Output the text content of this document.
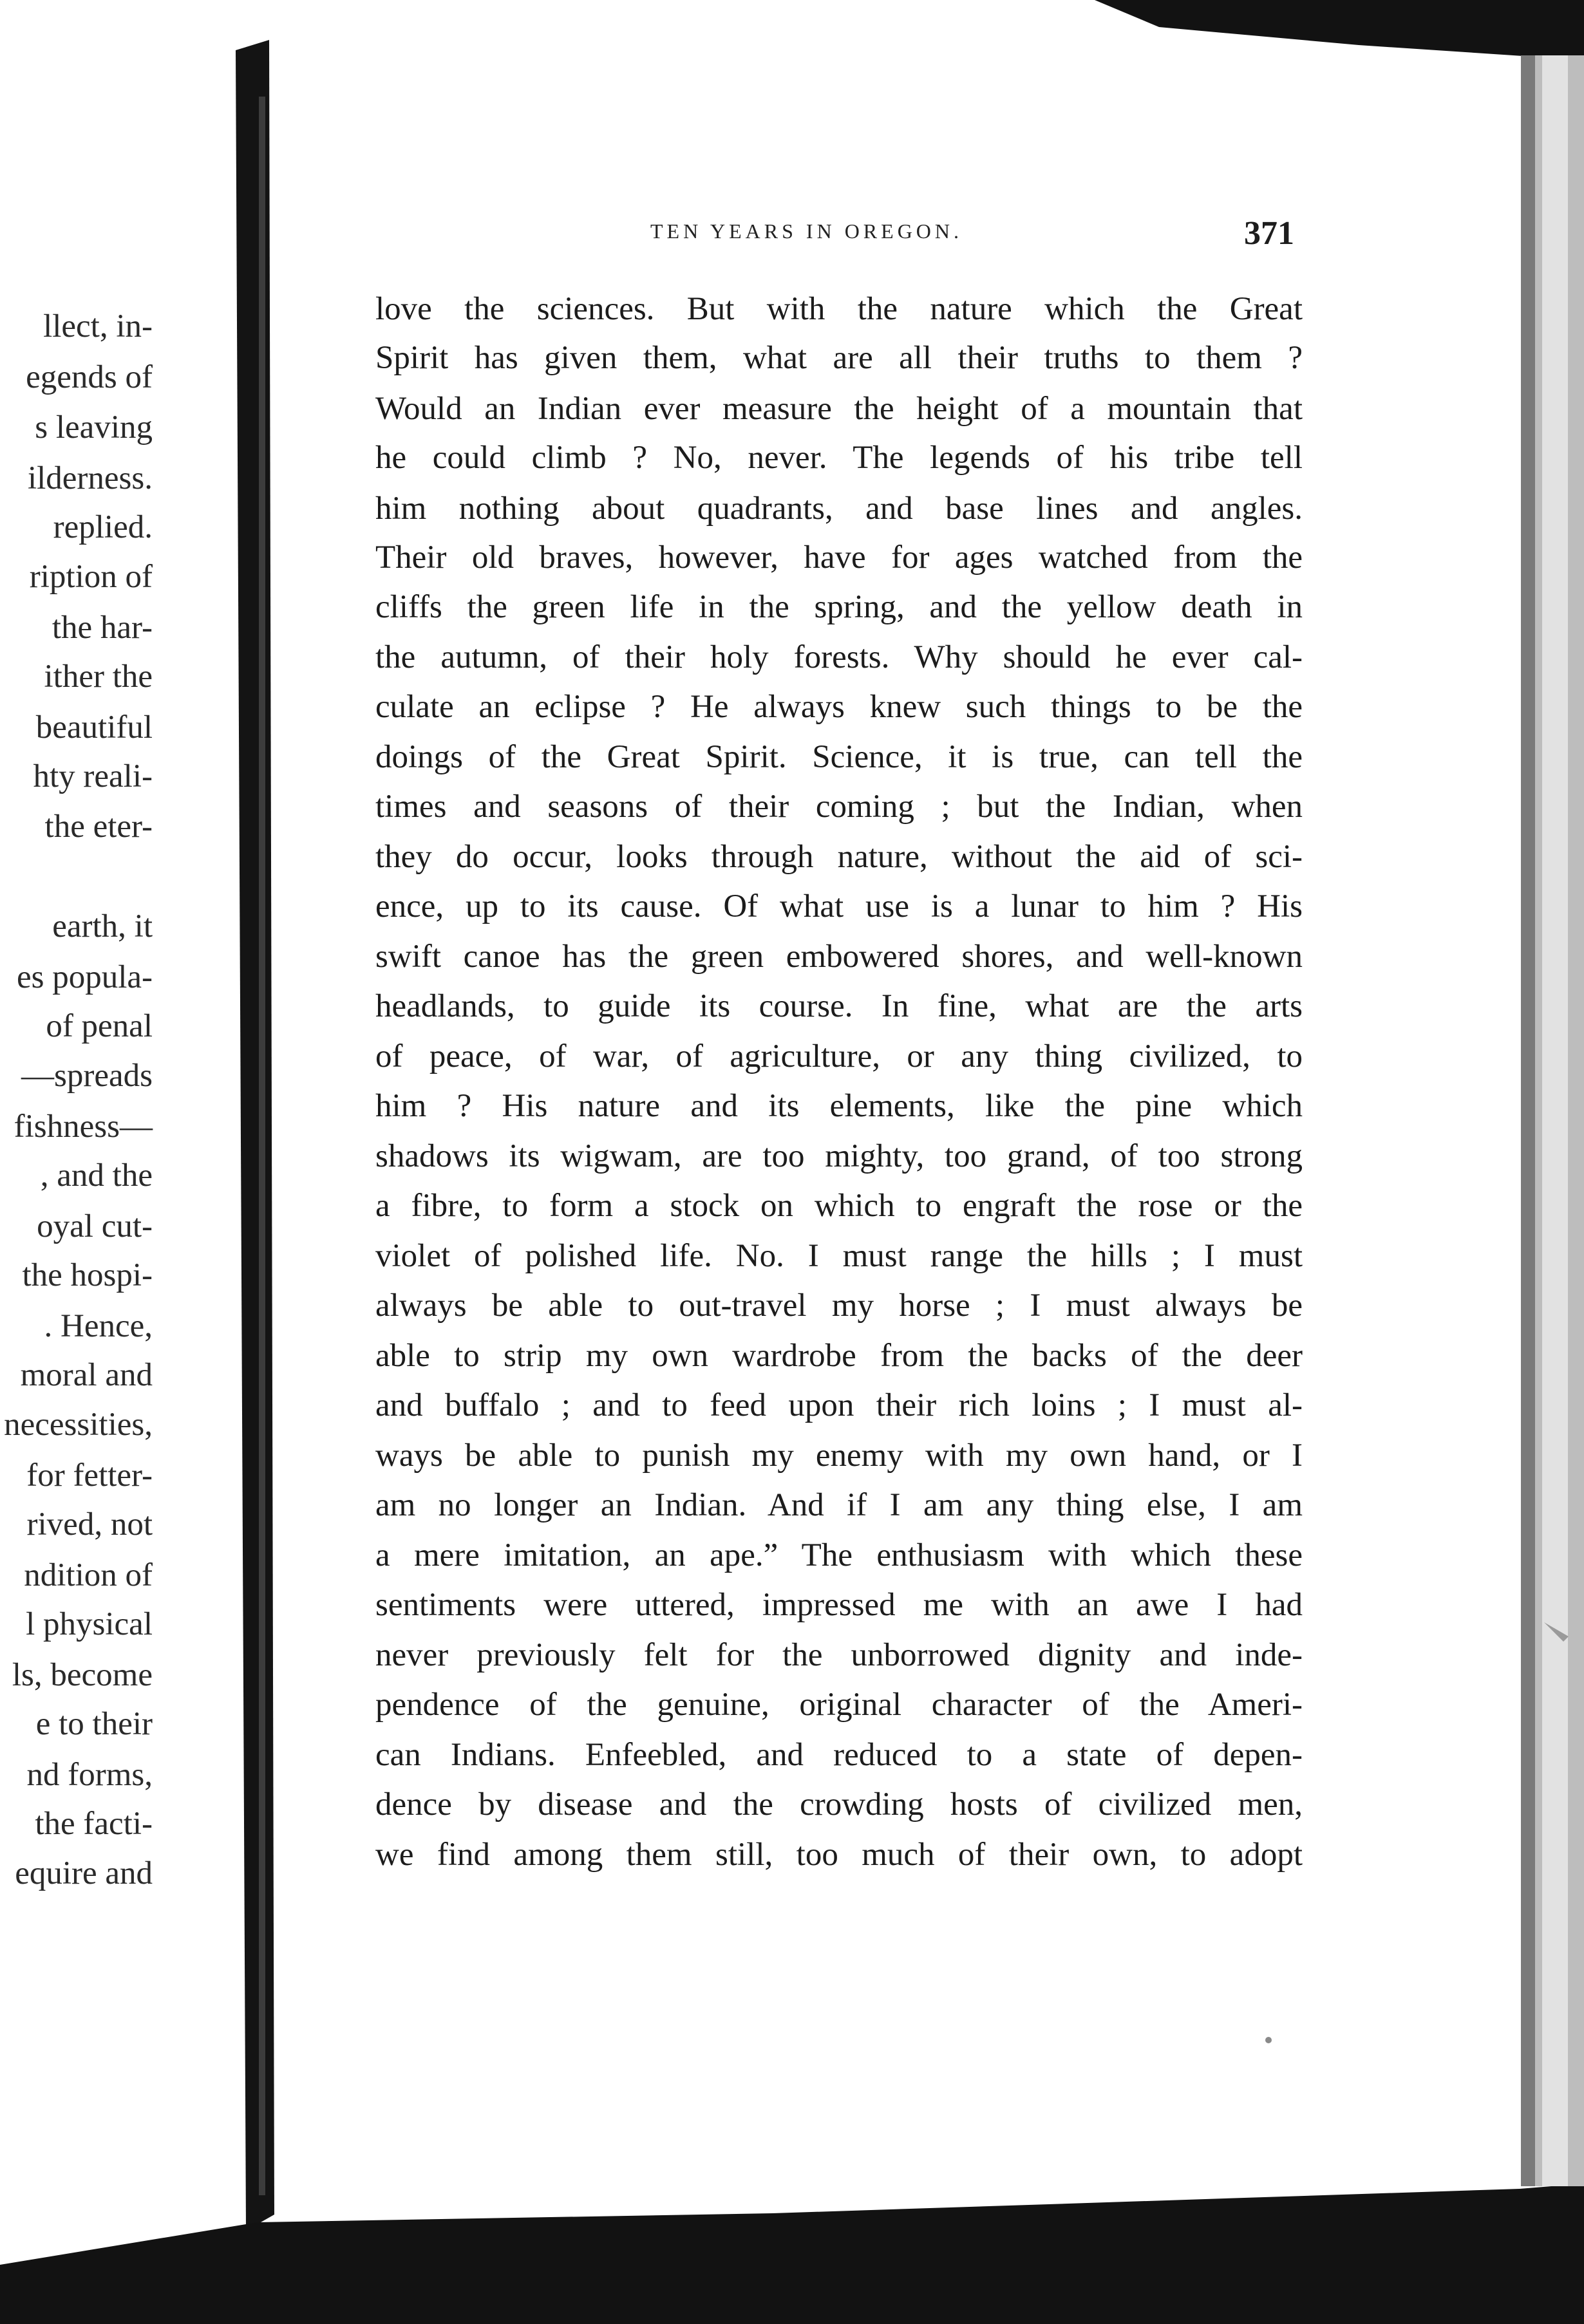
llect, in-
egends of
s leaving
ilderness.
replied.
ription of
the har-
ither the
beautiful
hty reali-
the eter-
earth, it
es popula-
of penal
—spreads
fishness—
, and the
oyal cut-
the hospi-
. Hence,
moral and
necessities,
for fetter-
rived, not
ndition of
l physical
ls, become
e to their
nd forms,
the facti-
equire and
TEN YEARS IN OREGON.	371
love the sciences. But with the nature which the Great
Spirit has given them, what are all their truths to them ?
Would an Indian ever measure the height of a mountain that
he could climb ? No, never. The legends of his tribe tell
him nothing about quadrants, and base lines and angles.
Their old braves, however, have for ages watched from the
cliffs the green life in the spring, and the yellow death in
the autumn, of their holy forests. Why should he ever cal-
culate an eclipse ? He always knew such things to be the
doings of the Great Spirit. Science, it is true, can tell the
times and seasons of their coming ; but the Indian, when
they do occur, looks through nature, without the aid of sci-
ence, up to its cause. Of what use is a lunar to him ? His
swift canoe has the green embowered shores, and well-known
headlands, to guide its course. In fine, what are the arts
of peace, of war, of agriculture, or any thing civilized, to
him ? His nature and its elements, like the pine which
shadows its wigwam, are too mighty, too grand, of too strong
a fibre, to form a stock on which to engraft the rose or the
violet of polished life. No. I must range the hills ; I must
always be able to out-travel my horse ; I must always be
able to strip my own wardrobe from the backs of the deer
and buffalo ; and to feed upon their rich loins ; I must al-
ways be able to punish my enemy with my own hand, or I
am no longer an Indian. And if I am any thing else, I am
a mere imitation, an ape.” The enthusiasm with which these
sentiments were uttered, impressed me with an awe I had
never previously felt for the unborrowed dignity and inde-
pendence of the genuine, original character of the Ameri-
can Indians. Enfeebled, and reduced to a state of depen-
dence by disease and the crowding hosts of civilized men,
we find among them still, too much of their own, to adopt
